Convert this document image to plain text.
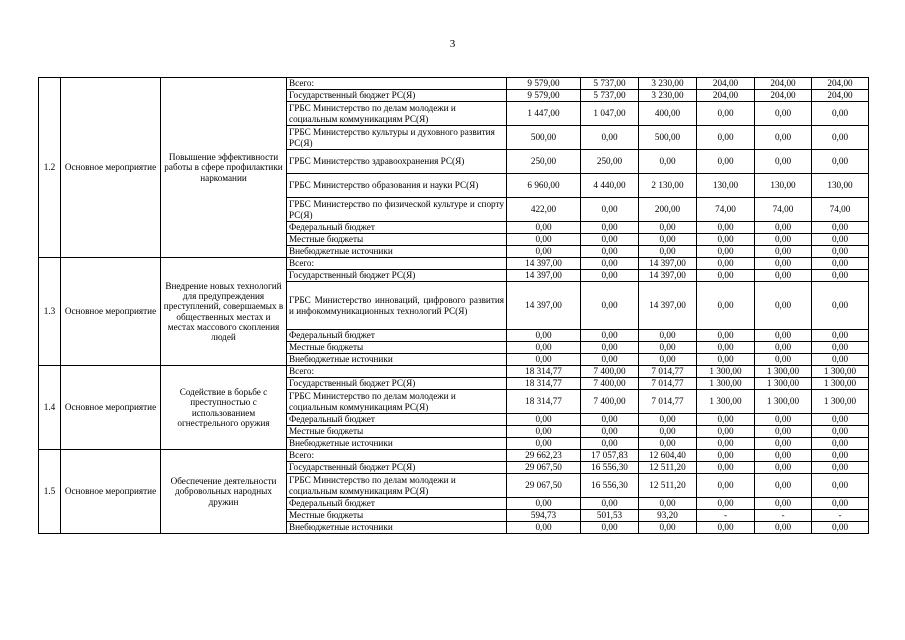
3
1.2	Основное мероприятие	Повышение эффективности работы в сфере профилактики наркомании	Всего:	9 579,00	5 737,00	3 230,00	204,00	204,00	204,00
			Государственный бюджет РС(Я)	9 579,00	5 737,00	3 230,00	204,00	204,00	204,00
			ГРБС Министерство по делам молодежи и социальным коммуникациям РС(Я)	1 447,00	1 047,00	400,00	0,00	0,00	0,00
			ГРБС Министерство культуры и духовного развития РС(Я)	500,00	0,00	500,00	0,00	0,00	0,00
			ГРБС Министерство здравоохранения РС(Я)	250,00	250,00	0,00	0,00	0,00	0,00
			ГРБС Министерство образования и науки РС(Я)	6 960,00	4 440,00	2 130,00	130,00	130,00	130,00
			ГРБС Министерство по физической культуре и спорту РС(Я)	422,00	0,00	200,00	74,00	74,00	74,00
			Федеральный бюджет	0,00	0,00	0,00	0,00	0,00	0,00
			Местные бюджеты	0,00	0,00	0,00	0,00	0,00	0,00
			Внебюджетные источники	0,00	0,00	0,00	0,00	0,00	0,00
1.3	Основное мероприятие	Внедрение новых технологий для предупреждения преступлений, совершаемых в общественных местах и местах массового скопления людей	Всего:	14 397,00	0,00	14 397,00	0,00	0,00	0,00
			Государственный бюджет РС(Я)	14 397,00	0,00	14 397,00	0,00	0,00	0,00
			ГРБС Министерство инноваций, цифрового развития и инфокоммуникационных технологий РС(Я)	14 397,00	0,00	14 397,00	0,00	0,00	0,00
			Федеральный бюджет	0,00	0,00	0,00	0,00	0,00	0,00
			Местные бюджеты	0,00	0,00	0,00	0,00	0,00	0,00
			Внебюджетные источники	0,00	0,00	0,00	0,00	0,00	0,00
1.4	Основное мероприятие	Содействие в борьбе с преступностью с использованием огнестрельного оружия	Всего:	18 314,77	7 400,00	7 014,77	1 300,00	1 300,00	1 300,00
			Государственный бюджет РС(Я)	18 314,77	7 400,00	7 014,77	1 300,00	1 300,00	1 300,00
			ГРБС Министерство по делам молодежи и социальным коммуникациям РС(Я)	18 314,77	7 400,00	7 014,77	1 300,00	1 300,00	1 300,00
			Федеральный бюджет	0,00	0,00	0,00	0,00	0,00	0,00
			Местные бюджеты	0,00	0,00	0,00	0,00	0,00	0,00
			Внебюджетные источники	0,00	0,00	0,00	0,00	0,00	0,00
1.5	Основное мероприятие	Обеспечение деятельности добровольных народных дружин	Всего:	29 662,23	17 057,83	12 604,40	0,00	0,00	0,00
			Государственный бюджет РС(Я)	29 067,50	16 556,30	12 511,20	0,00	0,00	0,00
			ГРБС Министерство по делам молодежи и социальным коммуникациям РС(Я)	29 067,50	16 556,30	12 511,20	0,00	0,00	0,00
			Федеральный бюджет	0,00	0,00	0,00	0,00	0,00	0,00
			Местные бюджеты	594,73	501,53	93,20	-	-	-
			Внебюджетные источники	0,00	0,00	0,00	0,00	0,00	0,00
